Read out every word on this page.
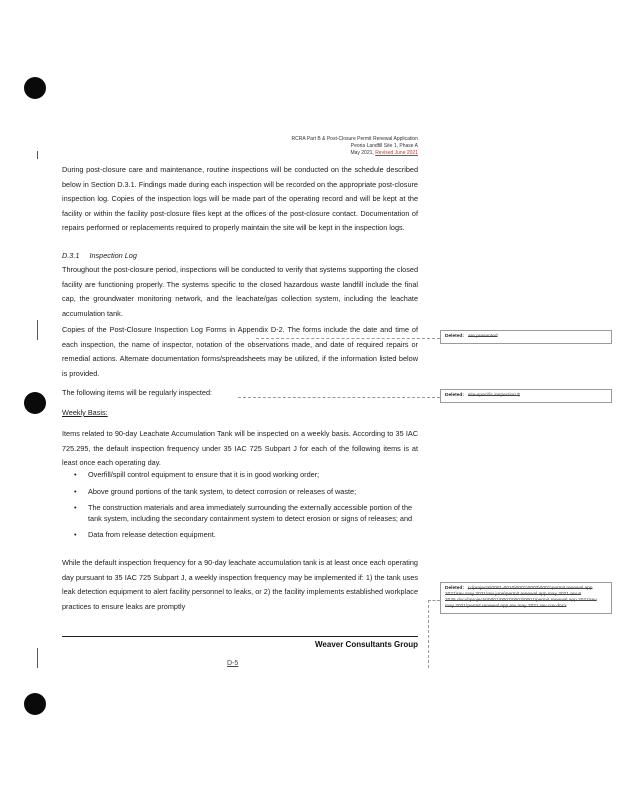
RCRA Part B & Post-Closure Permit Renewal Application
Peoria Landfill Site 1, Phase A
May 2021, Revised June 2021

During post-closure care and maintenance, routine inspections will be conducted on the schedule described below in Section D.3.1. Findings made during each inspection will be recorded on the appropriate post-closure inspection log. Copies of the inspection logs will be made part of the operating record and will be kept at the facility or within the facility post-closure files kept at the offices of the post-closure contact. Documentation of repairs performed or replacements required to properly maintain the site will be kept in the inspection logs.

D.3.1 Inspection Log

Throughout the post-closure period, inspections will be conducted to verify that systems supporting the closed facility are functioning properly. The systems specific to the closed hazardous waste landfill include the final cap, the groundwater monitoring network, and the leachate/gas collection system, including the leachate accumulation tank.

Copies of the Post-Closure Inspection Log Forms in Appendix D-2. The forms include the date and time of each inspection, the name of inspector, notation of the observations made, and date of required repairs or remedial actions. Alternate documentation forms/spreadsheets may be utilized, if the information listed below is provided.

The following items will be regularly inspected:

Weekly Basis:

Items related to 90-day Leachate Accumulation Tank will be inspected on a weekly basis. According to 35 IAC 725.295, the default inspection frequency under 35 IAC 725 Subpart J for each of the following items is at least once each operating day.

• Overfill/spill control equipment to ensure that it is in good working order;
• Above ground portions of the tank system, to detect corrosion or releases of waste;
• The construction materials and area immediately surrounding the externally accessible portion of the tank system, including the secondary containment system to detect erosion or signs of releases; and
• Data from release detection equipment.

While the default inspection frequency for a 90-day leachate accumulation tank is at least once each operating day pursuant to 35 IAC 725 Subpart J, a weekly inspection frequency may be implemented if: 1) the tank uses leak detection equipment to alert facility personnel to leaks, or 2) the facility implements established workplace practices to ensure leaks are promptly

Weaver Consultants Group
D-5
Deleted: are presented
Deleted: site-specific inspection ¶
Deleted: p:\projects\0001-0010\0001\0003\0001\permit renewal app 2021\rev may 2021\rev june\permit renewal app may 2021 rev 6 2025.docx\\projects\0001\0002\0003\0001\permit renewal app 2021\rev may 2021\permit renewal app rev may 2021 rev cov.docx
